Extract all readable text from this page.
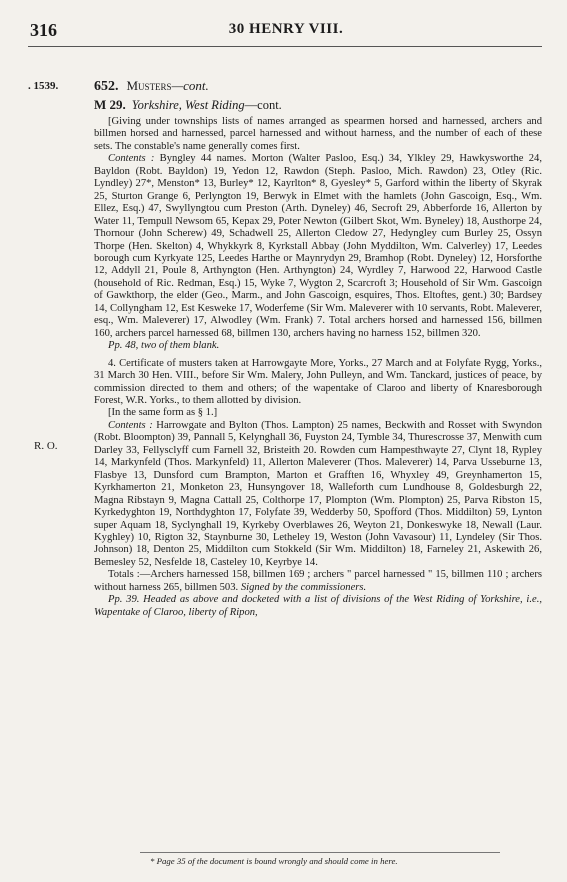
316	30 HENRY VIII.
. 1539.
R. O.

652. Musters—cont.

M 29. Yorkshire, West Riding—cont.

[Giving under townships lists of names arranged as spearmen horsed and harnessed, archers and billmen horsed and harnessed, parcel harnessed and without harness, and the number of each of these sets. The constable's name generally comes first.

Contents : Byngley 44 names. Morton (Walter Pasloo, Esq.) 34, Ylkley 29, Hawkysworthe 24, Bayldon (Robt. Bayldon) 19, Yedon 12, Rawdon (Steph. Pasloo, Mich. Rawdon) 23, Otley (Ric. Lyndley) 27*, Menston* 13, Burley* 12, Kayrlton* 8, Gyesley* 5, Garford within the liberty of Skyrak 25, Sturton Grange 6, Perlyngton 19, Berwyk in Elmet with the hamlets (John Gascoign, Esq., Wm. Ellez, Esq.) 47, Swyllyngtou cum Preston (Arth. Dyneley) 46, Secroft 29, Abberforde 16, Allerton by Water 11, Tempull Newsom 65, Kepax 29, Poter Newton (Gilbert Skot, Wm. Byneley) 18, Austhorpe 24, Thornour (John Scherew) 49, Schadwell 25, Allerton Cledow 27, Hedyngley cum Burley 25, Ossyn Thorpe (Hen. Skelton) 4, Whykkyrk 8, Kyrkstall Abbay (John Myddilton, Wm. Calverley) 17, Leedes borough cum Kyrkyate 125, Leedes Harthe or Maynrydyn 29, Bramhop (Robt. Dyneley) 12, Horsforthe 12, Addyll 21, Poule 8, Arthyngton (Hen. Arthyngton) 24, Wyrdley 7, Harwood 22, Harwood Castle (household of Ric. Redman, Esq.) 15, Wyke 7, Wygton 2, Scarcroft 3; Household of Sir Wm. Gascoign of Gawkthorp, the elder (Geo., Marm., and John Gascoign, esquires, Thos. Eltoftes, gent.) 30; Bardsey 14, Collyngham 12, Est Kesweke 17, Woderfeme (Sir Wm. Maleverer with 10 servants, Robt. Maleverer, esq., Wm. Maleverer) 17, Alwodley (Wm. Frank) 7. Total archers horsed and harnessed 156, billmen 160, archers parcel harnessed 68, billmen 130, archers having no harness 152, billmen 320.

Pp. 48, two of them blank.

4. Certificate of musters taken at Harrowgayte More, Yorks., 27 March and at Folyfate Rygg, Yorks., 31 March 30 Hen. VIII., before Sir Wm. Malery, John Pulleyn, and Wm. Tanckard, justices of peace, by commission directed to them and others; of the wapentake of Claroo and liberty of Knaresborough Forest, W.R. Yorks., to them allotted by division.

[In the same form as § 1.]

Contents : Harrowgate and Bylton (Thos. Lampton) 25 names, Beckwith and Rosset with Swyndon (Robt. Bloompton) 39, Pannall 5, Kelynghall 36, Fuyston 24, Tymble 34, Thurescrosse 37, Menwith cum Darley 33, Fellysclyff cum Farnell 32, Bristeith 20. Rowden cum Hampesthwayte 27, Clynt 18, Rypley 14, Markynfeld (Thos. Markynfeld) 11, Allerton Maleverer (Thos. Maleverer) 14, Parva Usseburne 13, Flasbye 13, Dunsford cum Brampton, Marton et Grafften 16, Whyxley 49, Greynhamerton 15, Kyrkhamerton 21, Monketon 23, Hunsyngover 18, Walleforth cum Lundhouse 8, Goldesburgh 22, Magna Ribstayn 9, Magna Cattall 25, Colthorpe 17, Plompton (Wm. Plompton) 25, Parva Ribston 15, Kyrkedyghton 19, Northdyghton 17, Folyfate 39, Wedderby 50, Spofford (Thos. Middilton) 59, Lynton super Aquam 18, Syclynghall 19, Kyrkeby Overblawes 26, Weyton 21, Donkeswyke 18, Newall (Laur. Kyghley) 10, Rigton 32, Staynburne 30, Letheley 19, Weston (John Vavasour) 11, Lyndeley (Sir Thos. Johnson) 18, Denton 25, Middilton cum Stokkeld (Sir Wm. Middilton) 18, Farneley 21, Askewith 26, Bemesley 52, Nesfelde 18, Casteley 10, Keyrbye 14.

Totals :—Archers harnessed 158, billmen 169 ; archers " parcel harnessed " 15, billmen 110 ; archers without harness 265, billmen 503. Signed by the commissioners.

Pp. 39. Headed as above and docketed with a list of divisions of the West Riding of Yorkshire, i.e., Wapentake of Claroo, liberty of Ripon,

* Page 35 of the document is bound wrongly and should come in here.
